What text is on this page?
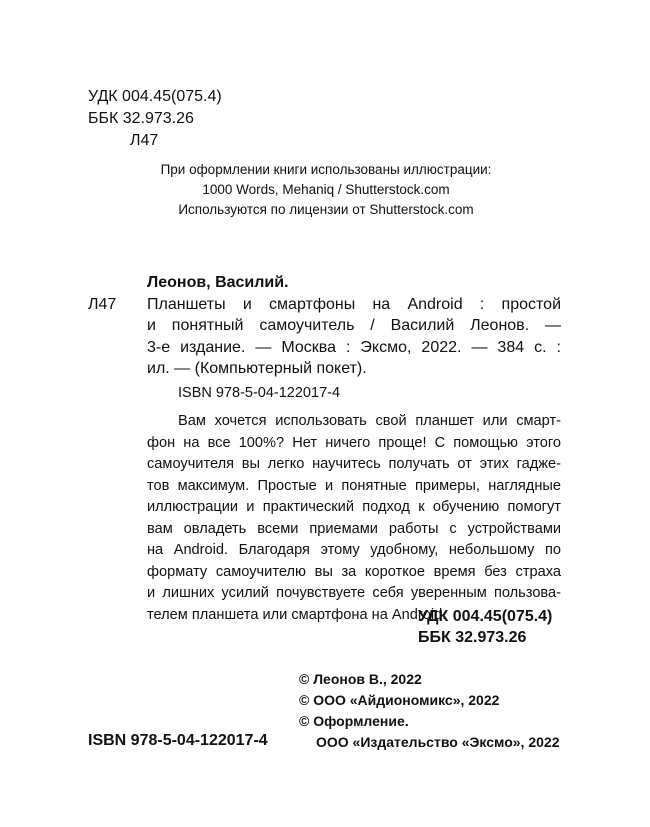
УДК 004.45(075.4)
ББК 32.973.26
Л47
При оформлении книги использованы иллюстрации:
1000 Words, Mehaniq / Shutterstock.com
Используются по лицензии от Shutterstock.com
Леонов, Василий.
Л47 Планшеты и смартфоны на Android : простой
и понятный самоучитель / Василий Леонов. —
3-е издание. — Москва : Эксмо, 2022. — 384 с. :
ил. — (Компьютерный покет).
ISBN 978-5-04-122017-4
Вам хочется использовать свой планшет или смарт-
фон на все 100%? Нет ничего проще! С помощью этого
самоучителя вы легко научитесь получать от этих гадже-
тов максимум. Простые и понятные примеры, наглядные
иллюстрации и практический подход к обучению помогут
вам овладеть всеми приемами работы с устройствами
на Android. Благодаря этому удобному, небольшому по
формату самоучителю вы за короткое время без страха
и лишних усилий почувствуете себя уверенным пользова-
телем планшета или смартфона на Android.
УДК 004.45(075.4)
ББК 32.973.26
© Леонов В., 2022
© ООО «Айдиономикс», 2022
© Оформление.
ООО «Издательство «Эксмо», 2022
ISBN 978-5-04-122017-4
